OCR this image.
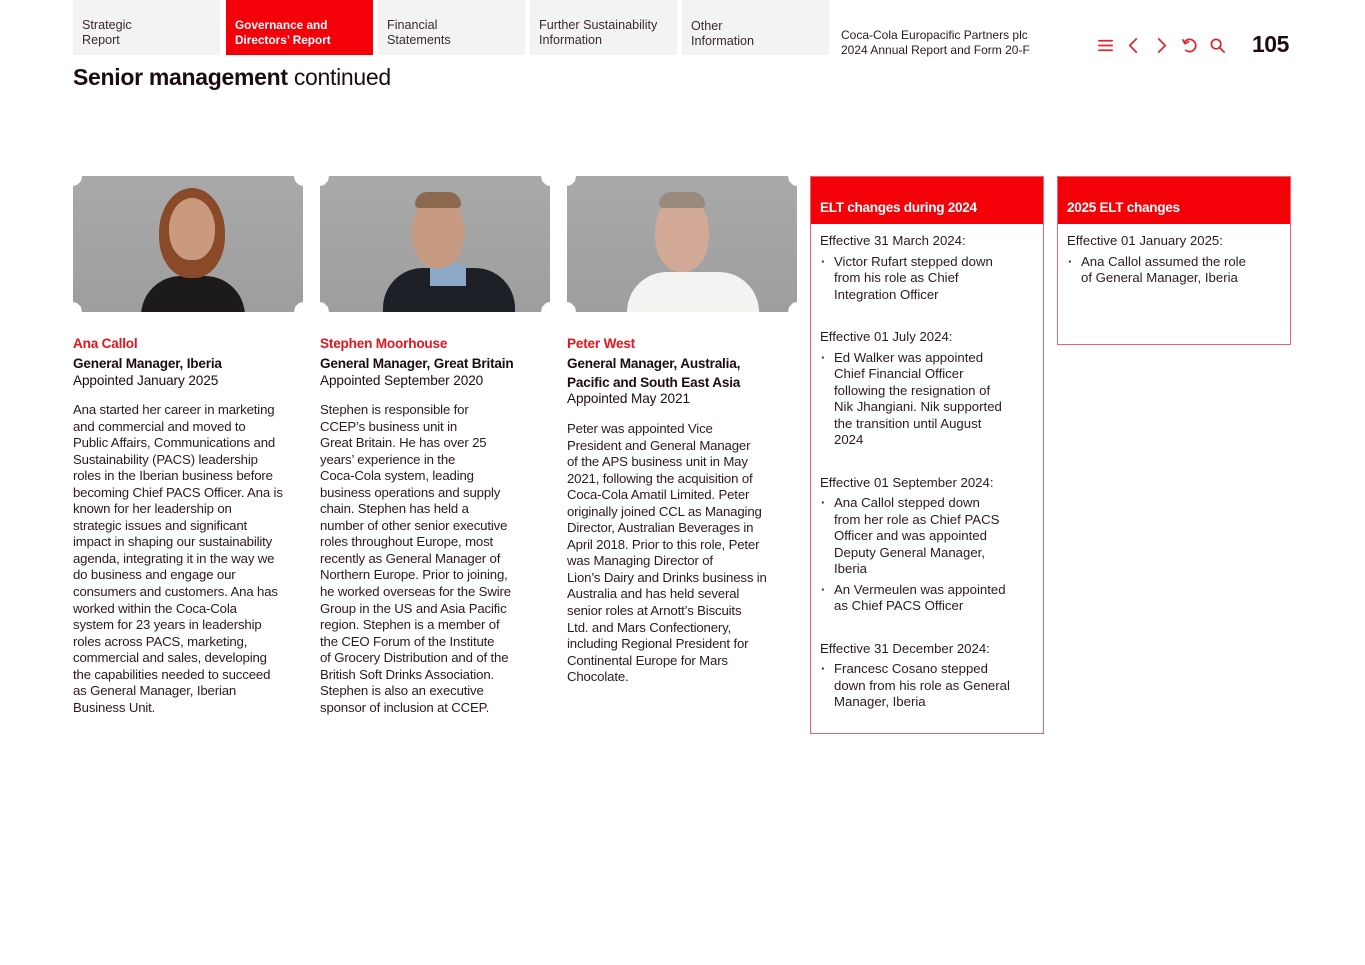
Strategic
Report
Governance and
Directors’ Report
Financial
Statements
Further Sustainability
Information
Other
Information	Coca-Cola Europacific Partners plc
2024 Annual Report and Form 20-F	105
Senior management continued
Ana Callol
General Manager, Iberia
Appointed January 2025
Ana started her career in marketing
and commercial and moved to
Public Affairs, Communications and
Sustainability (PACS) leadership
roles in the Iberian business before
becoming Chief PACS Officer. Ana is
known for her leadership on
strategic issues and significant
impact in shaping our sustainability
agenda, integrating it in the way we
do business and engage our
consumers and customers. Ana has
worked within the Coca-Cola
system for 23 years in leadership
roles across PACS, marketing,
commercial and sales, developing
the capabilities needed to succeed
as General Manager, Iberian
Business Unit.
Stephen Moorhouse
General Manager, Great Britain
Appointed September 2020
Stephen is responsible for
CCEP’s business unit in
Great Britain. He has over 25
years’ experience in the
Coca-Cola system, leading
business operations and supply
chain. Stephen has held a
number of other senior executive
roles throughout Europe, most
recently as General Manager of
Northern Europe. Prior to joining,
he worked overseas for the Swire
Group in the US and Asia Pacific
region. Stephen is a member of
the CEO Forum of the Institute
of Grocery Distribution and of the
British Soft Drinks Association.
Stephen is also an executive
sponsor of inclusion at CCEP.
Peter West
General Manager, Australia,
Pacific and South East Asia
Appointed May 2021
Peter was appointed Vice
President and General Manager
of the APS business unit in May
2021, following the acquisition of
Coca-Cola Amatil Limited. Peter
originally joined CCL as Managing
Director, Australian Beverages in
April 2018. Prior to this role, Peter
was Managing Director of
Lion’s Dairy and Drinks business in
Australia and has held several
senior roles at Arnott’s Biscuits
Ltd. and Mars Confectionery,
including Regional President for
Continental Europe for Mars
Chocolate.
ELT changes during 2024
Effective 31 March 2024:
· Victor Rufart stepped down
from his role as Chief
Integration Officer
Effective 01 July 2024:
· Ed Walker was appointed
Chief Financial Officer
following the resignation of
Nik Jhangiani. Nik supported
the transition until August
2024
Effective 01 September 2024:
· Ana Callol stepped down
from her role as Chief PACS
Officer and was appointed
Deputy General Manager,
Iberia
· An Vermeulen was appointed
as Chief PACS Officer
Effective 31 December 2024:
· Francesc Cosano stepped
down from his role as General
Manager, Iberia
2025 ELT changes
Effective 01 January 2025:
· Ana Callol assumed the role
of General Manager, Iberia
